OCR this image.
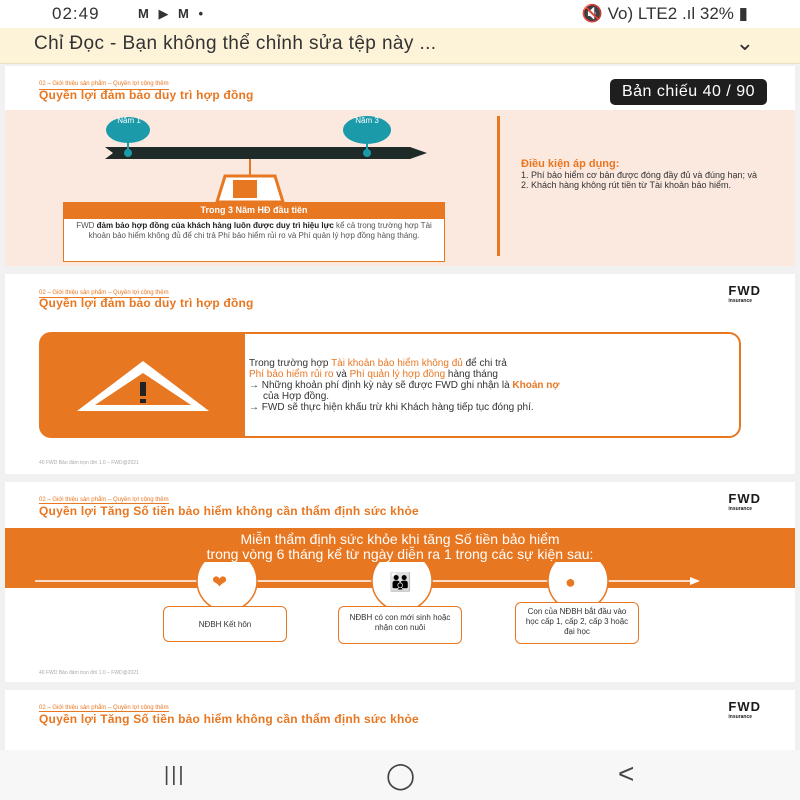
02:49	M ▶ M •	🔇 Vo) LTE2 .ıl 32% ▮
Chỉ Đọc - Bạn không thể chỉnh sửa tệp này ...	⌄
02 – Giới thiệu sản phẩm – Quyền lợi cộng thêm
Quyền lợi đảm bảo duy trì hợp đồng	Bản chiếu 40 / 90
Năm 1	Năm 3
Trong 3 Năm HĐ đầu tiên
FWD đảm bảo hợp đồng của khách hàng luôn được duy trì hiệu lực kể cả trong trường hợp Tài khoản bảo hiểm không đủ để chi trả Phí bảo hiểm rủi ro và Phí quản lý hợp đồng hàng tháng.
Điều kiện áp dụng:
1. Phí bảo hiểm cơ bản được đóng đầy đủ và đúng hạn; và
2. Khách hàng không rút tiền từ Tài khoản bảo hiểm.
02 – Giới thiệu sản phẩm – Quyền lợi cộng thêm
Quyền lợi đảm bảo duy trì hợp đồng
FWD
insurance
Trong trường hợp Tài khoản bảo hiểm không đủ để chi trả
Phí bảo hiểm rủi ro và Phí quản lý hợp đồng hàng tháng
→ Những khoản phí định kỳ này sẽ được FWD ghi nhận là Khoản nợ
của Hợp đồng.
→ FWD sẽ thực hiện khấu trừ khi Khách hàng tiếp tục đóng phí.
40 FWD Bảo đảm trọn đời 1.0 – FWD@2021
02 – Giới thiệu sản phẩm – Quyền lợi cộng thêm
Quyền lợi Tăng Số tiền bảo hiểm không cần thẩm định sức khỏe
FWD
insurance
Miễn thẩm định sức khỏe khi tăng Số tiền bảo hiểm
trong vòng 6 tháng kể từ ngày diễn ra 1 trong các sự kiện sau:
❤	👪	●
NĐBH Kết hôn
NĐBH có con mới sinh hoặc nhận con nuôi
Con của NĐBH bắt đầu vào học cấp 1, cấp 2, cấp 3 hoặc đại học
40 FWD Bảo đảm trọn đời 1.0 – FWD@2021
02 – Giới thiệu sản phẩm – Quyền lợi cộng thêm
Quyền lợi Tăng Số tiền bảo hiểm không cần thẩm định sức khỏe
FWD
insurance
|||	◯	<
